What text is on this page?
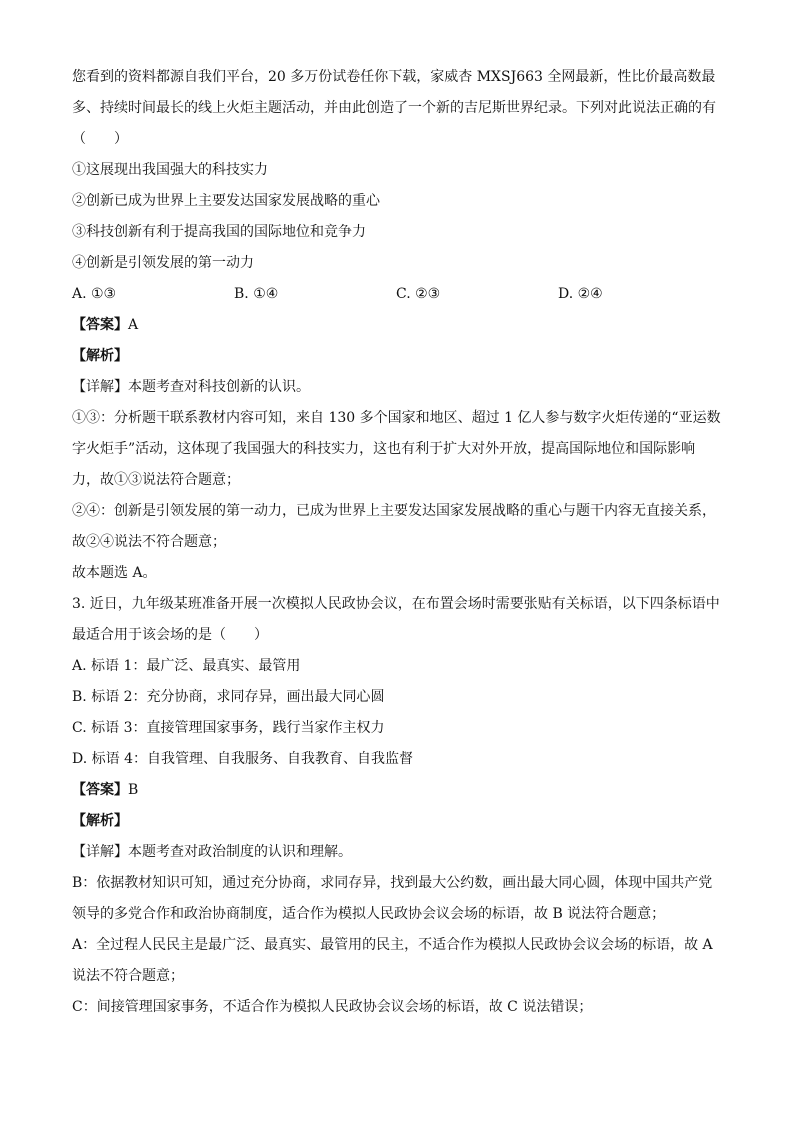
您看到的资料都源自我们平台，20 多万份试卷任你下载，家威杏 MXSJ663 全网最新，性比价最高数最
多、持续时间最长的线上火炬主题活动，并由此创造了一个新的吉尼斯世界纪录。下列对此说法正确的有
（　　）
①这展现出我国强大的科技实力
②创新已成为世界上主要发达国家发展战略的重心
③科技创新有利于提高我国的国际地位和竞争力
④创新是引领发展的第一动力
A. ①③	B. ①④	C. ②③	D. ②④
【答案】A
【解析】
【详解】本题考查对科技创新的认识。
①③：分析题干联系教材内容可知，来自 130 多个国家和地区、超过 1 亿人参与数字火炬传递的“亚运数
字火炬手”活动，这体现了我国强大的科技实力，这也有利于扩大对外开放，提高国际地位和国际影响
力，故①③说法符合题意；
②④：创新是引领发展的第一动力，已成为世界上主要发达国家发展战略的重心与题干内容无直接关系，
故②④说法不符合题意；
故本题选 A。
3. 近日，九年级某班准备开展一次模拟人民政协会议，在布置会场时需要张贴有关标语，以下四条标语中
最适合用于该会场的是（　　）
A. 标语 1：最广泛、最真实、最管用
B. 标语 2：充分协商，求同存异，画出最大同心圆
C. 标语 3：直接管理国家事务，践行当家作主权力
D. 标语 4：自我管理、自我服务、自我教育、自我监督
【答案】B
【解析】
【详解】本题考查对政治制度的认识和理解。
B：依据教材知识可知，通过充分协商，求同存异，找到最大公约数，画出最大同心圆，体现中国共产党
领导的多党合作和政治协商制度，适合作为模拟人民政协会议会场的标语，故 B 说法符合题意；
A：全过程人民民主是最广泛、最真实、最管用的民主，不适合作为模拟人民政协会议会场的标语，故 A
说法不符合题意；
C：间接管理国家事务，不适合作为模拟人民政协会议会场的标语，故 C 说法错误；
